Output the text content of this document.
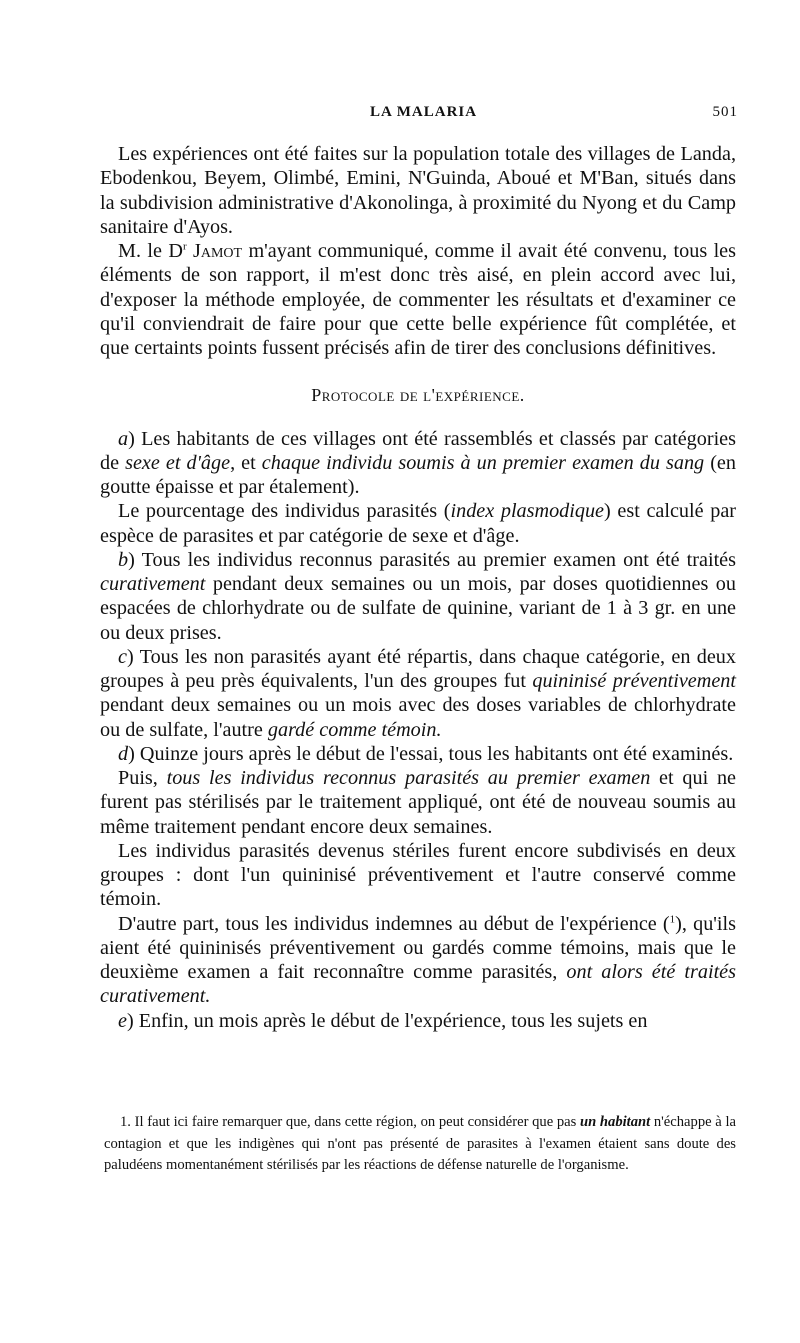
LA MALARIA	501

Les expériences ont été faites sur la population totale des villages de Landa, Ebodenkou, Beyem, Olimbé, Emini, N'Guinda, Aboué et M'Ban, situés dans la subdivision administrative d'Akonolinga, à proximité du Nyong et du Camp sanitaire d'Ayos.

M. le $D^r$ Jamot m'ayant communiqué, comme il avait été convenu, tous les éléments de son rapport, il m'est donc très aisé, en plein accord avec lui, d'exposer la méthode employée, de commenter les résultats et d'examiner ce qu'il conviendrait de faire pour que cette belle expérience fût complétée, et que certaints points fussent précisés afin de tirer des conclusions définitives.

Protocole de l'expérience.

a) Les habitants de ces villages ont été rassemblés et classés par catégories de sexe et d'âge, et chaque individu soumis à un premier examen du sang (en goutte épaisse et par étalement).

Le pourcentage des individus parasités (index plasmodique) est calculé par espèce de parasites et par catégorie de sexe et d'âge.

b) Tous les individus reconnus parasités au premier examen ont été traités curativement pendant deux semaines ou un mois, par doses quotidiennes ou espacées de chlorhydrate ou de sulfate de quinine, variant de 1 à 3 gr. en une ou deux prises.

c) Tous les non parasités ayant été répartis, dans chaque catégorie, en deux groupes à peu près équivalents, l'un des groupes fut quininisé préventivement pendant deux semaines ou un mois avec des doses variables de chlorhydrate ou de sulfate, l'autre gardé comme témoin.

d) Quinze jours après le début de l'essai, tous les habitants ont été examinés.

Puis, tous les individus reconnus parasités au premier examen et qui ne furent pas stérilisés par le traitement appliqué, ont été de nouveau soumis au même traitement pendant encore deux semaines.

Les individus parasités devenus stériles furent encore subdivisés en deux groupes : dont l'un quininisé préventivement et l'autre conservé comme témoin.

D'autre part, tous les individus indemnes au début de l'expérience ($^1$), qu'ils aient été quininisés préventivement ou gardés comme témoins, mais que le deuxième examen a fait reconnaître comme parasités, ont alors été traités curativement.

e) Enfin, un mois après le début de l'expérience, tous les sujets en

1. Il faut ici faire remarquer que, dans cette région, on peut considérer que pas un habitant n'échappe à la contagion et que les indigènes qui n'ont pas présenté de parasites à l'examen étaient sans doute des paludéens momentanément stérilisés par les réactions de défense naturelle de l'organisme.
